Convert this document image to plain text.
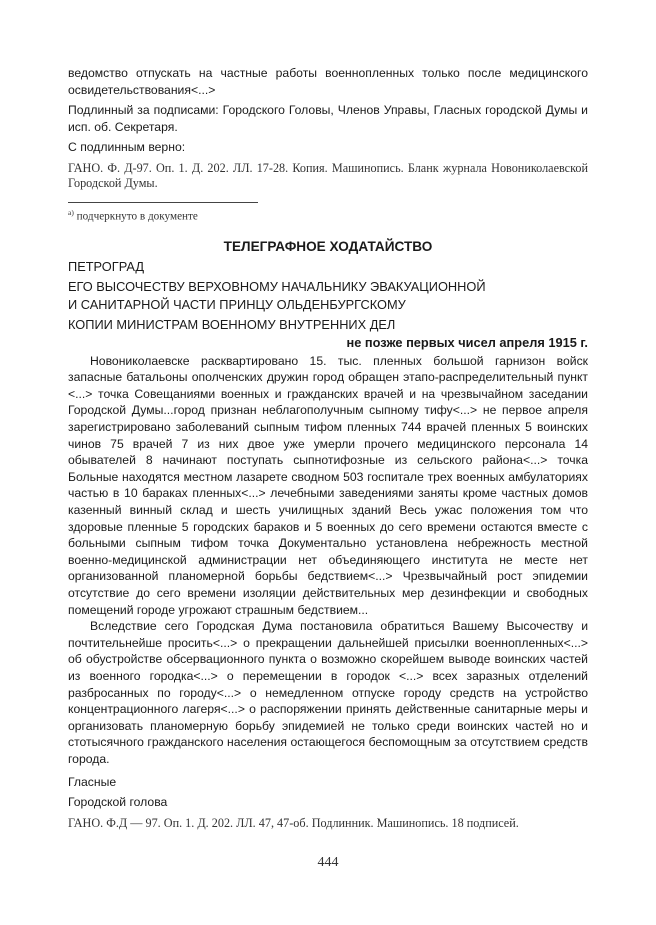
ведомство отпускать на частные работы военнопленных только после медицинского освидетельствования<...>

Подлинный за подписами: Городского Головы, Членов Управы, Гласных городской Думы и исп. об. Секретаря.

С подлинным верно:

ГАНО. Ф. Д-97. Оп. 1. Д. 202. ЛЛ. 17-28. Копия. Машинопись. Бланк журнала Новониколаевской Городской Думы.

$^{а)}$ подчеркнуто в документе

ТЕЛЕГРАФНОЕ ХОДАТАЙСТВО

ПЕТРОГРАД

ЕГО ВЫСОЧЕСТВУ ВЕРХОВНОМУ НАЧАЛЬНИКУ ЭВАКУАЦИОННОЙ

И САНИТАРНОЙ ЧАСТИ ПРИНЦУ ОЛЬДЕНБУРГСКОМУ

КОПИИ МИНИСТРАМ ВОЕННОМУ ВНУТРЕННИХ ДЕЛ

не позже первых чисел апреля 1915 г.

Новониколаевске расквартировано 15. тыс. пленных большой гарнизон войск запасные батальоны ополченских дружин город обращен этапо-распределительный пункт <...> точка Совещаниями военных и гражданских врачей и на чрезвычайном заседании Городской Думы...город признан неблагополучным сыпному тифу<...> не первое апреля зарегистрировано заболеваний сыпным тифом пленных 744 врачей пленных 5 воинских чинов 75 врачей 7 из них двое уже умерли прочего медицинского персонала 14 обывателей 8 начинают поступать сыпнотифозные из сельского района<...> точка Больные находятся местном лазарете сводном 503 госпитале трех военных амбулаториях частью в 10 бараках пленных<...> лечебными заведениями заняты кроме частных домов казенный винный склад и шесть училищных зданий Весь ужас положения том что здоровые пленные 5 городских бараков и 5 военных до сего времени остаются вместе с больными сыпным тифом точка Документально установлена небрежность местной военно-медицинской администрации нет объединяющего института не месте нет организованной планомерной борьбы бедствием<...> Чрезвычайный рост эпидемии отсутствие до сего времени изоляции действительных мер дезинфекции и свободных помещений городе угрожают страшным бедствием...

Вследствие сего Городская Дума постановила обратиться Вашему Высочеству и почтительнейше просить<...> о прекращении дальнейшей присылки военнопленных<...> об обустройстве обсервационного пункта о возможно скорейшем выводе воинских частей из военного городка<...> о перемещении в городок <...> всех заразных отделений разбросанных по городу<...> о немедленном отпуске городу средств на устройство концентрационного лагеря<...> о распоряжении принять действенные санитарные меры и организовать планомерную борьбу эпидемией не только среди воинских частей но и стотысячного гражданского населения остающегося беспомощным за отсутствием средств города.

Гласные

Городской голова

ГАНО. Ф.Д — 97. Оп. 1. Д. 202. ЛЛ. 47, 47-об. Подлинник. Машинопись. 18 подписей.

444
